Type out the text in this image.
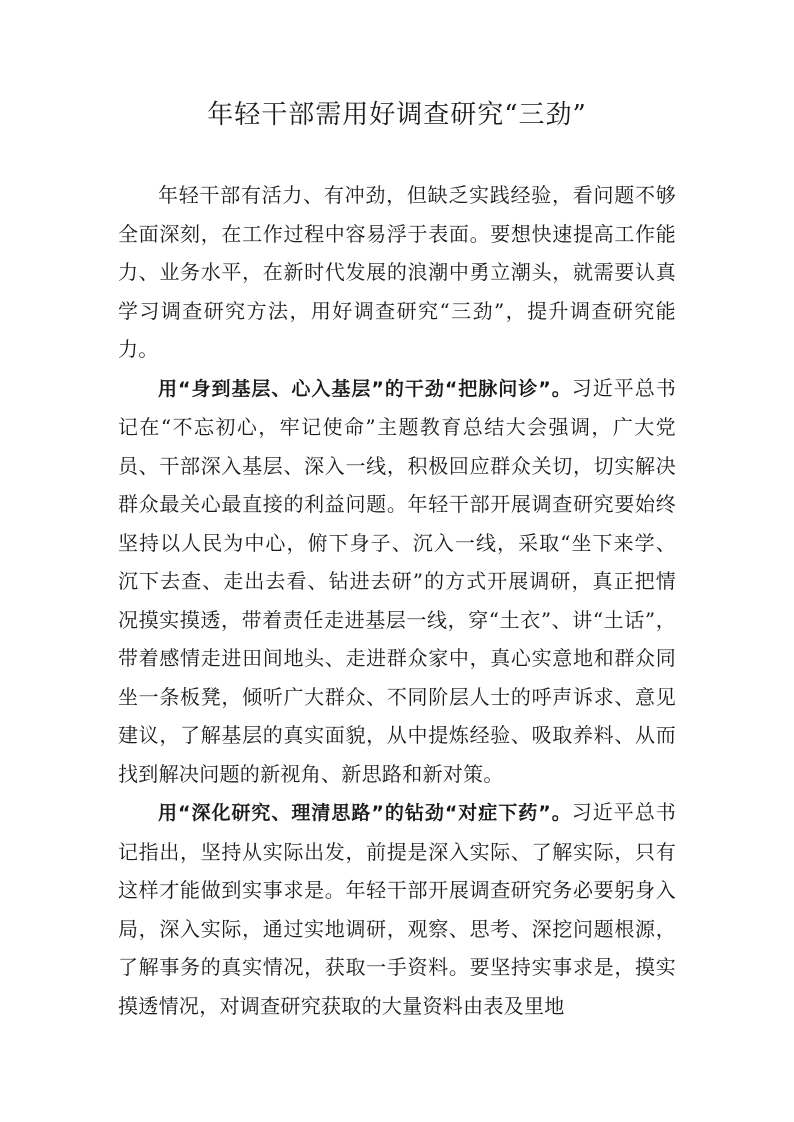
年轻干部需用好调查研究“三劲”

年轻干部有活力、有冲劲，但缺乏实践经验，看问题不够全面深刻，在工作过程中容易浮于表面。要想快速提高工作能力、业务水平，在新时代发展的浪潮中勇立潮头，就需要认真学习调查研究方法，用好调查研究“三劲”，提升调查研究能力。

用“身到基层、心入基层”的干劲“把脉问诊”。习近平总书记在“不忘初心，牢记使命”主题教育总结大会强调，广大党员、干部深入基层、深入一线，积极回应群众关切，切实解决群众最关心最直接的利益问题。年轻干部开展调查研究要始终坚持以人民为中心，俯下身子、沉入一线，采取“坐下来学、沉下去查、走出去看、钻进去研”的方式开展调研，真正把情况摸实摸透，带着责任走进基层一线，穿“土衣”、讲“土话”，带着感情走进田间地头、走进群众家中，真心实意地和群众同坐一条板凳，倾听广大群众、不同阶层人士的呼声诉求、意见建议，了解基层的真实面貌，从中提炼经验、吸取养料、从而找到解决问题的新视角、新思路和新对策。

用“深化研究、理清思路”的钻劲“对症下药”。习近平总书记指出，坚持从实际出发，前提是深入实际、了解实际，只有这样才能做到实事求是。年轻干部开展调查研究务必要躬身入局，深入实际，通过实地调研，观察、思考、深挖问题根源，了解事务的真实情况，获取一手资料。要坚持实事求是，摸实摸透情况，对调查研究获取的大量资料由表及里地
